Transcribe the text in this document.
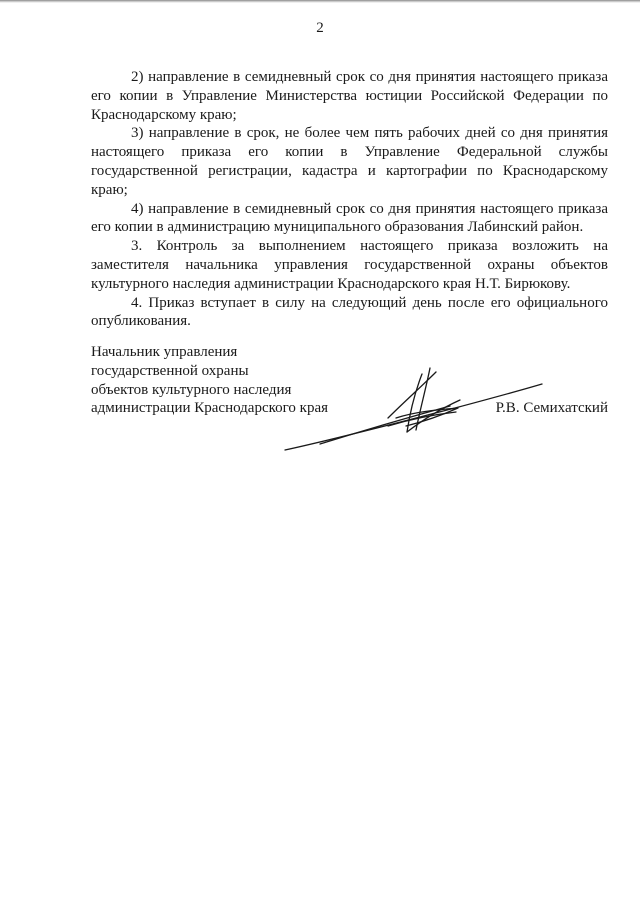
2

2) направление в семидневный срок со дня принятия настоящего приказа его копии в Управление Министерства юстиции Российской Федерации по Краснодарскому краю;

3) направление в срок, не более чем пять рабочих дней со дня принятия настоящего приказа его копии в Управление Федеральной службы государственной регистрации, кадастра и картографии по Краснодарскому краю;

4) направление в семидневный срок со дня принятия настоящего приказа его копии в администрацию муниципального образования Лабинский район.

3. Контроль за выполнением настоящего приказа возложить на заместителя начальника управления государственной охраны объектов культурного наследия администрации Краснодарского края Н.Т. Бирюкову.

4. Приказ вступает в силу на следующий день после его официального опубликования.

Начальник управления
государственной охраны
объектов культурного наследия
администрации Краснодарского края	Р.В. Семихатский
